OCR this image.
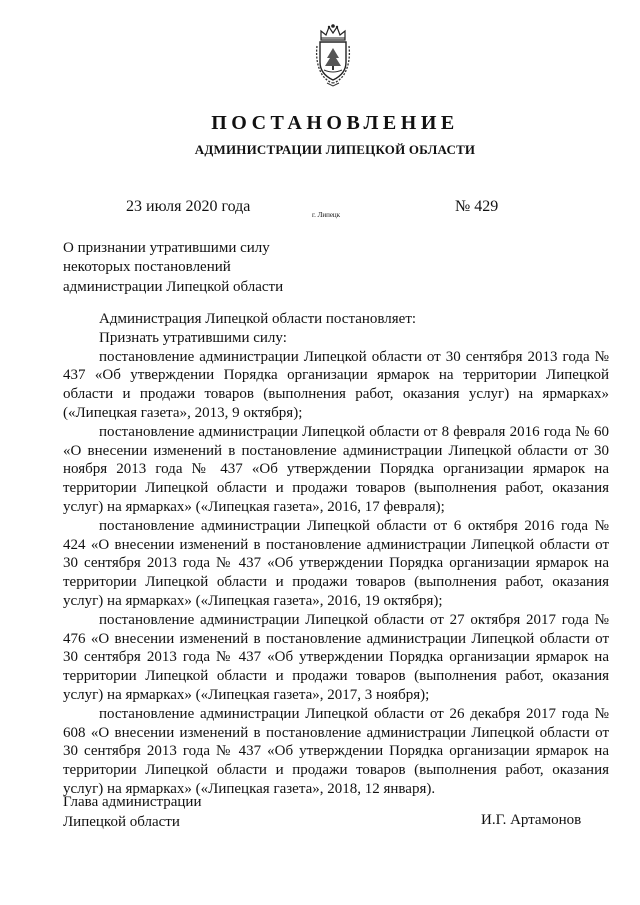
ПОСТАНОВЛЕНИЕ
АДМИНИСТРАЦИИ ЛИПЕЦКОЙ ОБЛАСТИ
23 июля 2020 года	г. Липецк	№ 429
О признании утратившими силу
некоторых постановлений
администрации Липецкой области
Администрация Липецкой области постановляет:
Признать утратившими силу:
постановление администрации Липецкой области от 30 сентября 2013 года № 437 «Об утверждении Порядка организации ярмарок на территории Липецкой области и продажи товаров (выполнения работ, оказания услуг) на ярмарках» («Липецкая газета», 2013, 9 октября);
постановление администрации Липецкой области от 8 февраля 2016 года № 60 «О внесении изменений в постановление администрации Липецкой области от 30 ноября 2013 года № 437 «Об утверждении Порядка организации ярмарок на территории Липецкой области и продажи товаров (выполнения работ, оказания услуг) на ярмарках» («Липецкая газета», 2016, 17 февраля);
постановление администрации Липецкой области от 6 октября 2016 года № 424 «О внесении изменений в постановление администрации Липецкой области от 30 сентября 2013 года № 437 «Об утверждении Порядка организации ярмарок на территории Липецкой области и продажи товаров (выполнения работ, оказания услуг) на ярмарках» («Липецкая газета», 2016, 19 октября);
постановление администрации Липецкой области от 27 октября 2017 года № 476 «О внесении изменений в постановление администрации Липецкой области от 30 сентября 2013 года № 437 «Об утверждении Порядка организации ярмарок на территории Липецкой области и продажи товаров (выполнения работ, оказания услуг) на ярмарках» («Липецкая газета», 2017, 3 ноября);
постановление администрации Липецкой области от 26 декабря 2017 года № 608 «О внесении изменений в постановление администрации Липецкой области от 30 сентября 2013 года № 437 «Об утверждении Порядка организации ярмарок на территории Липецкой области и продажи товаров (выполнения работ, оказания услуг) на ярмарках» («Липецкая газета», 2018, 12 января).
Глава администрации
Липецкой области	И.Г. Артамонов
